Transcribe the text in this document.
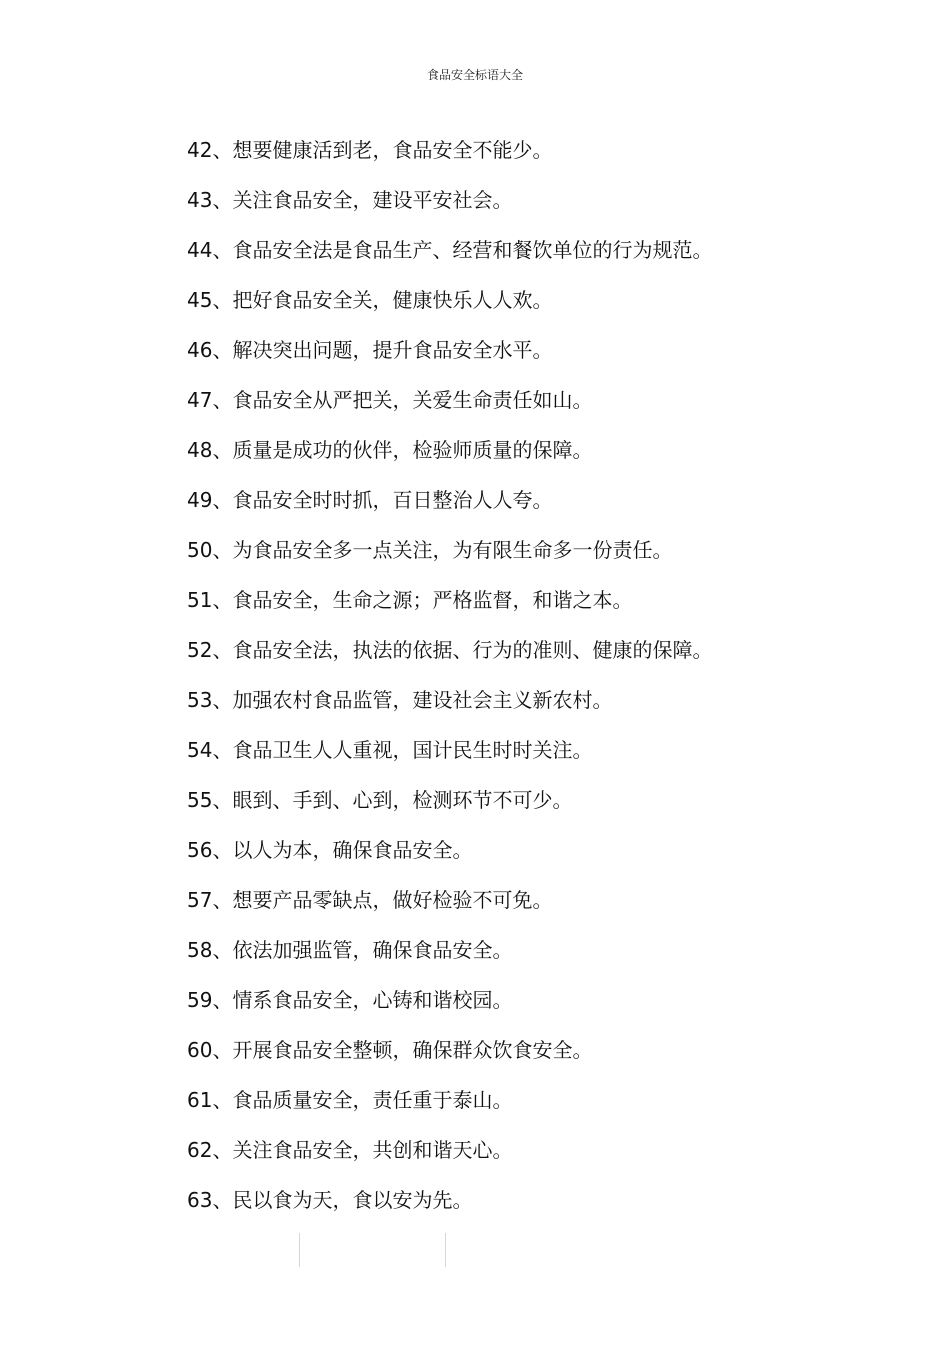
食品安全标语大全
42 、 想要健康活到老，食品安全不能少。
43 、 关注食品安全，建设平安社会。
44 、 食品安全法是食品生产、经营和餐饮单位的行为规范。
45 、 把好食品安全关，健康快乐人人欢。
46 、 解决突出问题，提升食品安全水平。
47 、 食品安全从严把关，关爱生命责任如山。
48 、 质量是成功的伙伴，检验师质量的保障。
49 、 食品安全时时抓，百日整治人人夸。
50 、 为食品安全多一点关注，为有限生命多一份责任。
51 、 食品安全，生命之源；严格监督，和谐之本。
52 、 食品安全法，执法的依据、行为的准则、健康的保障。
53 、 加强农村食品监管，建设社会主义新农村。
54 、 食品卫生人人重视，国计民生时时关注。
55 、 眼到、手到、心到，检测环节不可少。
56 、 以人为本，确保食品安全。
57 、 想要产品零缺点，做好检验不可免。
58 、 依法加强监管，确保食品安全。
59 、 情系食品安全，心铸和谐校园。
60 、 开展食品安全整顿，确保群众饮食安全。
61 、 食品质量安全，责任重于泰山。
62 、 关注食品安全，共创和谐天心。
63 、 民以食为天，食以安为先。
